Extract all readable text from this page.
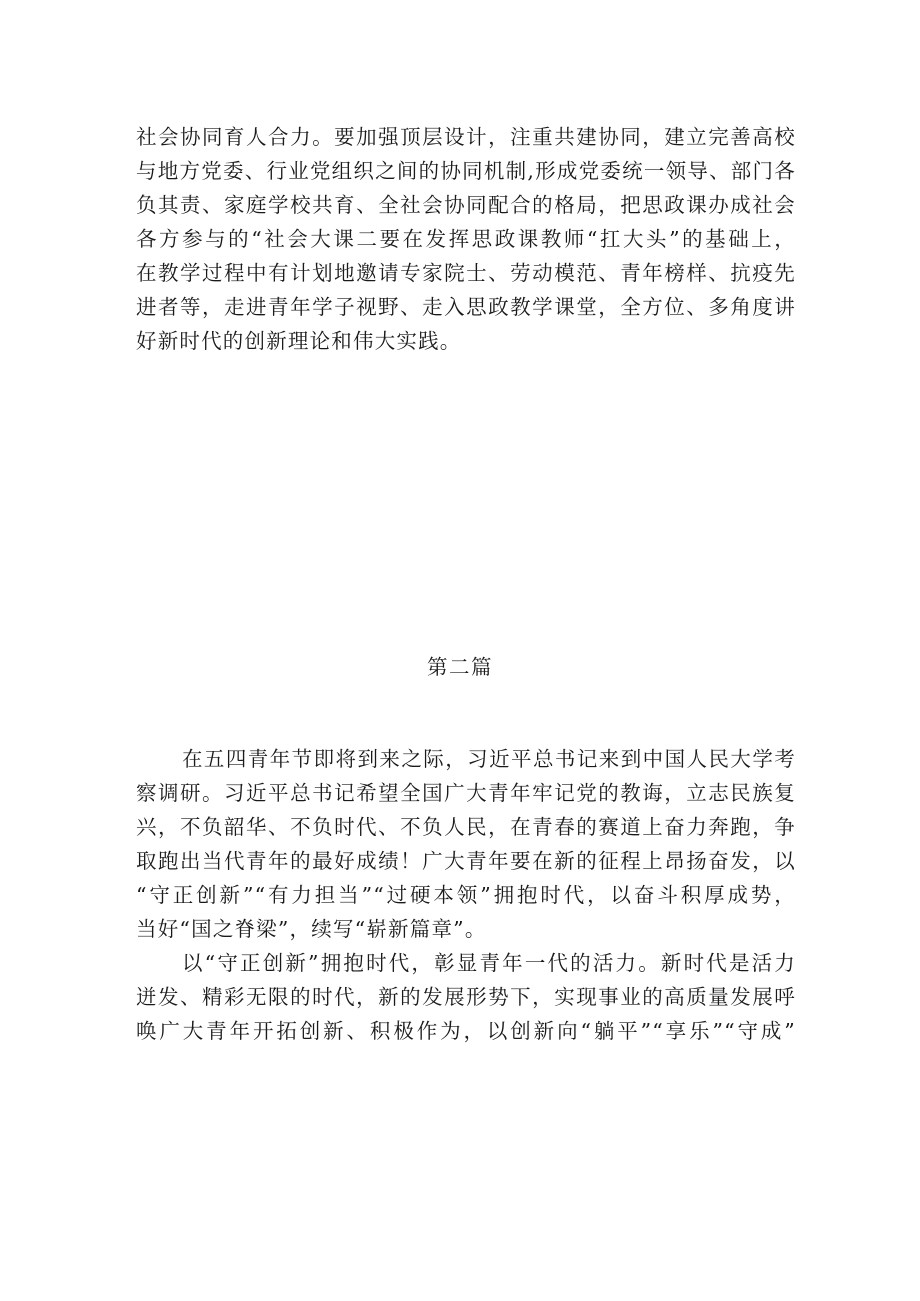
社会协同育人合力。要加强顶层设计，注重共建协同，建立完善高校
与地方党委、行业党组织之间的协同机制,形成党委统一领导、部门各
负其责、家庭学校共育、全社会协同配合的格局，把思政课办成社会
各方参与的“社会大课二要在发挥思政课教师“扛大头”的基础上，
在教学过程中有计划地邀请专家院士、劳动模范、青年榜样、抗疫先
进者等，走进青年学子视野、走入思政教学课堂，全方位、多角度讲
好新时代的创新理论和伟大实践。
第二篇
在五四青年节即将到来之际，习近平总书记来到中国人民大学考
察调研。习近平总书记希望全国广大青年牢记党的教诲，立志民族复
兴，不负韶华、不负时代、不负人民，在青春的赛道上奋力奔跑，争
取跑出当代青年的最好成绩！广大青年要在新的征程上昂扬奋发，以
“守正创新”“有力担当”“过硬本领”拥抱时代，以奋斗积厚成势，
当好“国之脊梁”，续写“崭新篇章”。
以“守正创新”拥抱时代，彰显青年一代的活力。新时代是活力
迸发、精彩无限的时代，新的发展形势下，实现事业的高质量发展呼
唤广大青年开拓创新、积极作为，以创新向“躺平”“享乐”“守成”
